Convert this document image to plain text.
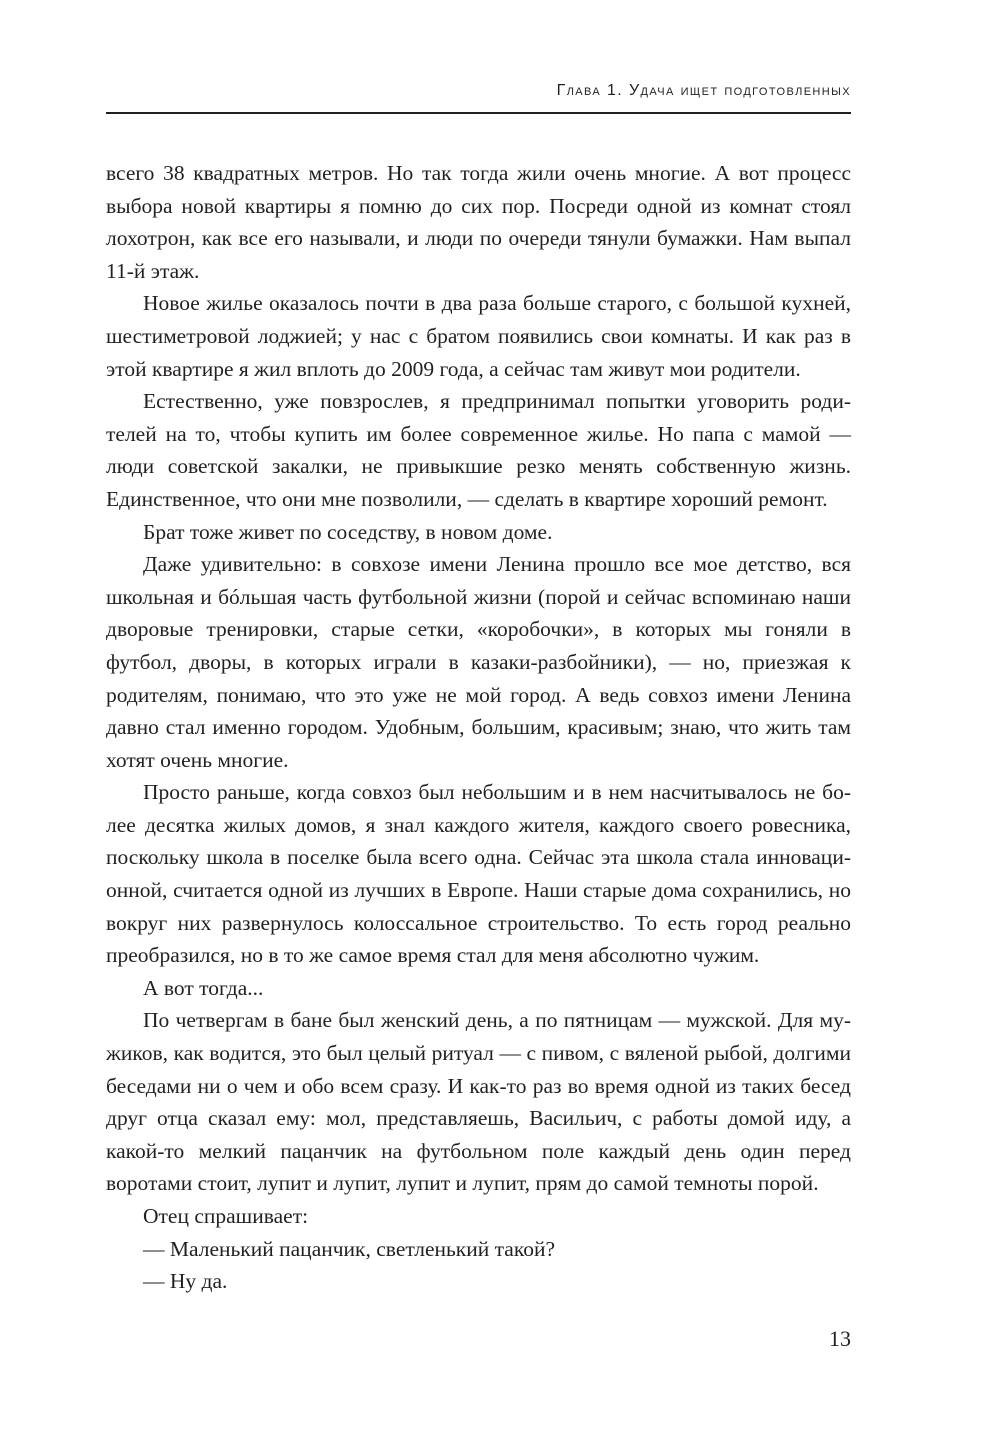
Глава 1. Удача ищет подготовленных

всего 38 квадратных метров. Но так тогда жили очень многие. А вот процесс выбора новой квартиры я помню до сих пор. Посреди одной из комнат стоял лохотрон, как все его называли, и люди по очереди тянули бумажки. Нам выпал 11-й этаж.

Новое жилье оказалось почти в два раза больше старого, с большой кухней, шестиметровой лоджией; у нас с братом появились свои комнаты. И как раз в этой квартире я жил вплоть до 2009 года, а сейчас там живут мои родители.

Естественно, уже повзрослев, я предпринимал попытки уговорить родителей на то, чтобы купить им более современное жилье. Но папа с мамой — люди советской закалки, не привыкшие резко менять собственную жизнь. Единственное, что они мне позволили, — сделать в квартире хороший ремонт.

Брат тоже живет по соседству, в новом доме.

Даже удивительно: в совхозе имени Ленина прошло все мое детство, вся школьная и бóльшая часть футбольной жизни (порой и сейчас вспоминаю наши дворовые тренировки, старые сетки, «коробочки», в которых мы гоняли в футбол, дворы, в которых играли в казаки-разбойники), — но, приезжая к родителям, понимаю, что это уже не мой город. А ведь совхоз имени Ленина давно стал именно городом. Удобным, большим, красивым; знаю, что жить там хотят очень многие.

Просто раньше, когда совхоз был небольшим и в нем насчитывалось не более десятка жилых домов, я знал каждого жителя, каждого своего ровесника, поскольку школа в поселке была всего одна. Сейчас эта школа стала инновационной, считается одной из лучших в Европе. Наши старые дома сохранились, но вокруг них развернулось колоссальное строительство. То есть город реально преобразился, но в то же самое время стал для меня абсолютно чужим.

А вот тогда...

По четвергам в бане был женский день, а по пятницам — мужской. Для мужиков, как водится, это был целый ритуал — с пивом, с вяленой рыбой, долгими беседами ни о чем и обо всем сразу. И как-то раз во время одной из таких бесед друг отца сказал ему: мол, представляешь, Васильич, с работы домой иду, а какой-то мелкий пацанчик на футбольном поле каждый день один перед воротами стоит, лупит и лупит, лупит и лупит, прям до самой темноты порой.

Отец спрашивает:

— Маленький пацанчик, светленький такой?

— Ну да.

13
